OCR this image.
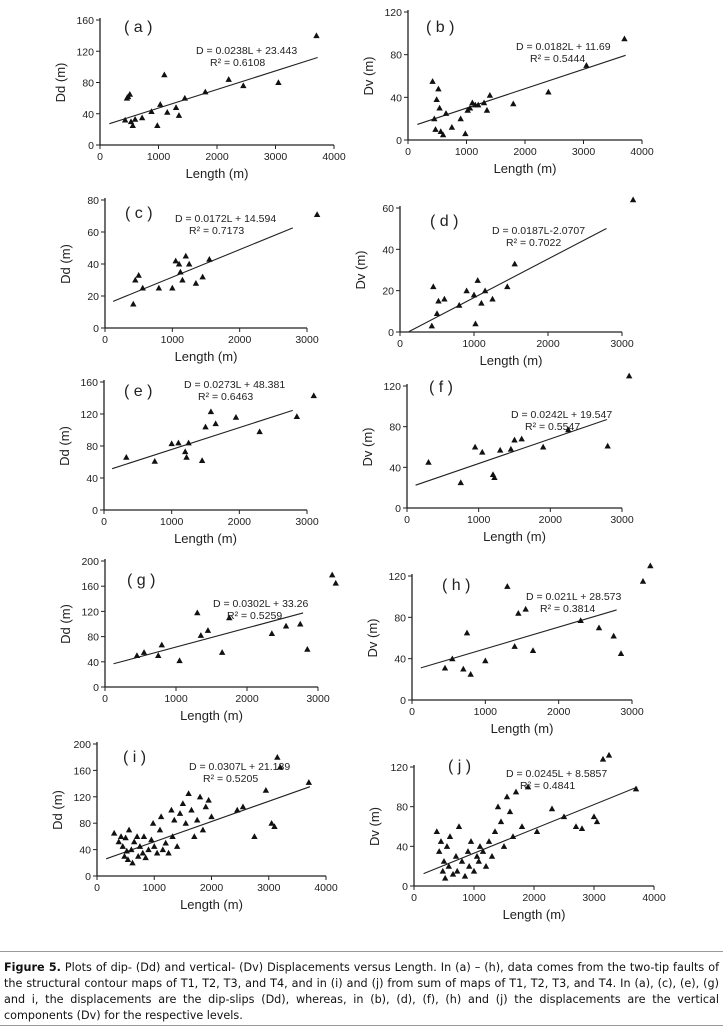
0	1000	2000	3000	4000
0
40
80
120
160
Length (m)
Dd (m)
( a )
D = 0.0238L + 23.443
R² = 0.6108
0	1000	2000	3000	4000
0
40
80
120
Length (m)
Dv (m)
( b )
D = 0.0182L + 11.69
R² = 0.5444
0	1000	2000	3000
0
20
40
60
80
Length (m)
Dd (m)
( c ) D = 0.0172L + 14.594
R² = 0.7173
0	1000	2000	3000
0
20
40
60
Length (m)
Dv (m)
( d )
D = 0.0187L-2.0707
R² = 0.7022
0	1000	2000	3000
0
40
80
120
160
Length (m)
Dd (m)
( e )	D = 0.0273L + 48.381
R² = 0.6463
0	1000	2000	3000
0
40
80
120
Length (m)
Dv (m)
( f )
D = 0.0242L + 19.547
R² = 0.5547
0	1000	2000	3000
0
40
80
120
160
200
Length (m)
Dd (m)
( g )
D = 0.0302L + 33.26
R² = 0.5259
0	1000	2000	3000
0
40
80
120
Length (m)
Dv (m)
( h )
D = 0.021L + 28.573
R² = 0.3814
0	1000	2000	3000	4000
0
40
80
120
160
200
Length (m)
Dd (m)
( i )
D = 0.0307L + 21.139
R² = 0.5205
0	1000	2000	3000	4000
0
40
80
120
Length (m)
Dv (m)
( j )	D = 0.0245L + 8.5857
R² = 0.4841
Figure 5. Plots of dip- (Dd) and vertical- (Dv) Displacements versus Length. In (a) – (h), data comes from the two-tip faults of the structural contour maps of T1, T2, T3, and T4, and in (i) and (j) from sum of maps of T1, T2, T3, and T4. In (a), (c), (e), (g) and i, the displacements are the dip-slips (Dd), whereas, in (b), (d), (f), (h) and (j) the displacements are the vertical components (Dv) for the respective levels.
